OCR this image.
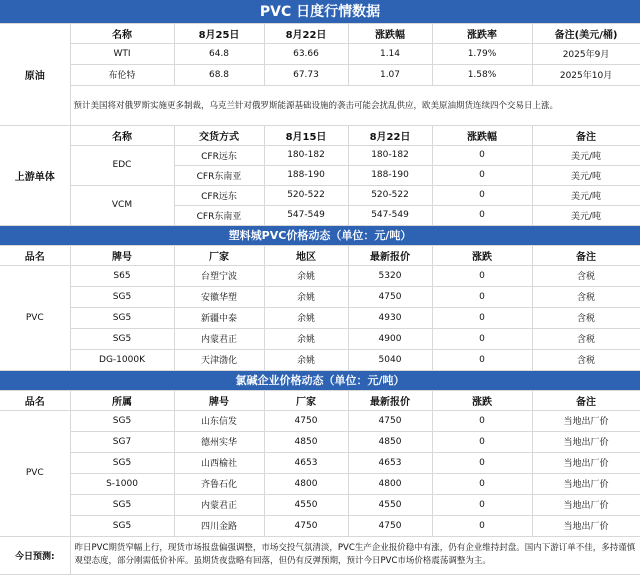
PVC 日度行情数据						
原油	名称	8月25日	8月22日	涨跌幅	涨跌率	备注(美元/桶)
	WTI	64.8	63.66	1.14	1.79%	2025年9月
	布伦特	68.8	67.73	1.07	1.58%	2025年10月
	预计美国将对俄罗斯实施更多制裁，乌克兰针对俄罗斯能源基础设施的袭击可能会扰乱供应，欧美原油期货连续四个交易日上涨。					
上游单体	名称	交货方式	8月15日	8月22日	涨跌幅	备注
	EDC	CFR远东	180-182	180-182	0	美元/吨
		CFR东南亚	188-190	188-190	0	美元/吨
	VCM	CFR远东	520-522	520-522	0	美元/吨
		CFR东南亚	547-549	547-549	0	美元/吨
塑料城PVC价格动态（单位：元/吨）						
品名	牌号	厂家	地区	最新报价	涨跌	备注
PVC	S65	台塑宁波	余姚	5320	0	含税
	SG5	安徽华塑	余姚	4750	0	含税
	SG5	新疆中泰	余姚	4930	0	含税
	SG5	内蒙君正	余姚	4900	0	含税
	DG-1000K	天津渤化	余姚	5040	0	含税
氯碱企业价格动态（单位：元/吨）						
品名	所属	牌号	厂家	最新报价	涨跌	备注
PVC	SG5	山东信发	4750	4750	0	当地出厂价
	SG7	德州实华	4850	4850	0	当地出厂价
	SG5	山西榆社	4653	4653	0	当地出厂价
	S-1000	齐鲁石化	4800	4800	0	当地出厂价
	SG5	内蒙君正	4550	4550	0	当地出厂价
	SG5	四川金路	4750	4750	0	当地出厂价
今日预测:	昨日PVC期货窄幅上行，现货市场报盘偏强调整，市场交投气氛清淡，PVC生产企业报价稳中有涨，仍有企业维持封盘。国内下游订单不佳，多持谨慎观望态度，部分刚需低价补库。虽期货夜盘略有回落，但仍有反弹预期，预计今日PVC市场价格震荡调整为主。					
